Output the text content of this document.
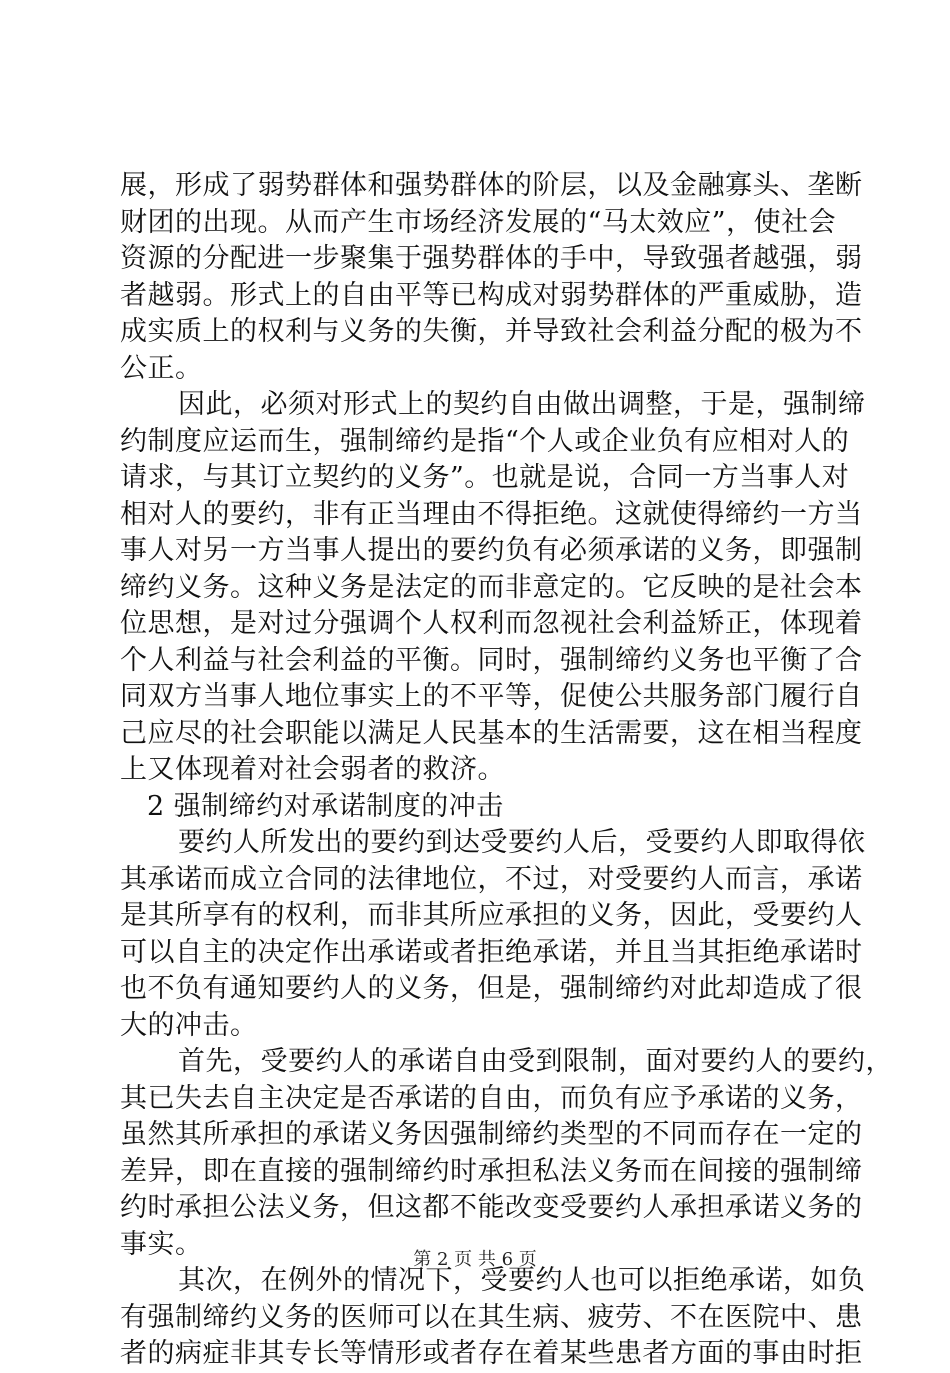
展，形成了弱势群体和强势群体的阶层，以及金融寡头、垄断
财团的出现。从而产生市场经济发展的“马太效应”，使社会
资源的分配进一步聚集于强势群体的手中，导致强者越强，弱
者越弱。形式上的自由平等已构成对弱势群体的严重威胁，造
成实质上的权利与义务的失衡，并导致社会利益分配的极为不
公正。
因此，必须对形式上的契约自由做出调整，于是，强制缔
约制度应运而生，强制缔约是指“个人或企业负有应相对人的
请求，与其订立契约的义务”。也就是说，合同一方当事人对
相对人的要约，非有正当理由不得拒绝。这就使得缔约一方当
事人对另一方当事人提出的要约负有必须承诺的义务，即强制
缔约义务。这种义务是法定的而非意定的。它反映的是社会本
位思想，是对过分强调个人权利而忽视社会利益矫正，体现着
个人利益与社会利益的平衡。同时，强制缔约义务也平衡了合
同双方当事人地位事实上的不平等，促使公共服务部门履行自
己应尽的社会职能以满足人民基本的生活需要，这在相当程度
上又体现着对社会弱者的救济。
2 强制缔约对承诺制度的冲击
要约人所发出的要约到达受要约人后，受要约人即取得依
其承诺而成立合同的法律地位，不过，对受要约人而言，承诺
是其所享有的权利，而非其所应承担的义务，因此，受要约人
可以自主的决定作出承诺或者拒绝承诺，并且当其拒绝承诺时
也不负有通知要约人的义务，但是，强制缔约对此却造成了很
大的冲击。
首先，受要约人的承诺自由受到限制，面对要约人的要约，
其已失去自主决定是否承诺的自由，而负有应予承诺的义务，
虽然其所承担的承诺义务因强制缔约类型的不同而存在一定的
差异，即在直接的强制缔约时承担私法义务而在间接的强制缔
约时承担公法义务，但这都不能改变受要约人承担承诺义务的
事实。
其次，在例外的情况下，受要约人也可以拒绝承诺，如负
有强制缔约义务的医师可以在其生病、疲劳、不在医院中、患
者的病症非其专长等情形或者存在着某些患者方面的事由时拒
第 2 页 共 6 页
